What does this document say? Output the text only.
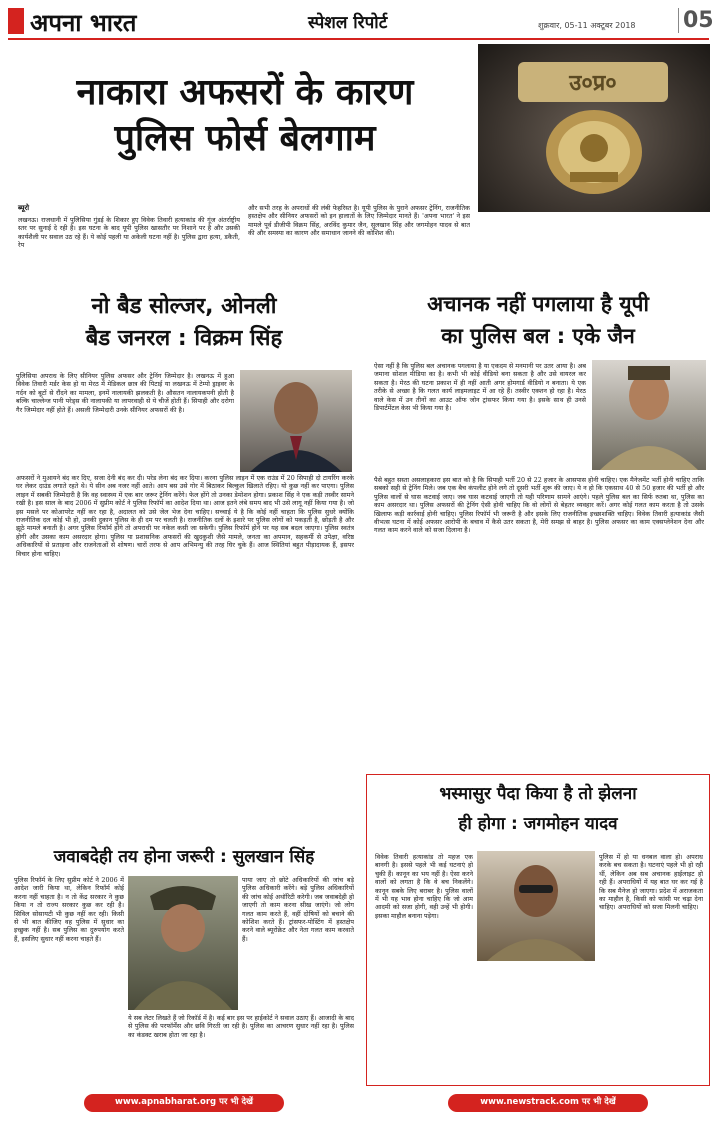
अपना भारत	स्पेशल रिपोर्ट	शुक्रवार, 05-11 अक्टूबर 2018 05
नाकारा अफसरों के कारण
पुलिस फोर्स बेलगाम
उ०प्र०
ब्यूरो
लखनऊ। राजधानी में पुलिसिया गुंडई के शिकार हुए विवेक तिवारी हत्याकांड की गूंज अंतर्राष्ट्रीय स्तर पर सुनाई दे रही है। इस घटना के बाद यूपी पुलिस खासतौर पर निशाने पर है और उसकी कार्यशैली पर सवाल उठ रहे हैं। ये कोई पहली या अकेली घटना नहीं है। पुलिस द्वारा हत्या, डकैती, रेप
और सभी तरह के अपराधों की लंबी फेहरिस्त है। यूपी पुलिस के पुराने अफसर ट्रेनिंग, राजनीतिक हस्तक्षेप और सीनियर अफसरों को इन हालातों के लिए जिम्मेदार मानते हैं। 'अपना भारत' ने इस मामले पूर्व डीजीपी विक्रम सिंह, अरविंद कुमार जैन, सुलखान सिंह और जगमोहन यादव से बात की और समस्या का कारण और समाधान जानने की कोशिश की।
नो बैड सोल्जर, ओनली
बैड जनरल : विक्रम सिंह
पुलिसिया अपराध के लिए सीनियर पुलिस अफसर और ट्रेनिंग जिम्मेदार है। लखनऊ में हुआ विवेक तिवारी मर्डर केस हो या मेरठ में मेडिकल छात्र की पिटाई या लखनऊ में टेम्पो ड्राइवर के गर्दन को बूटों से रौंदने का मामला, इनमें नालायकी झलकती है। औसतन नालायकपनी होती है बल्कि चाल्लेन्ज पानी परेड्स की नालायकी या लापरवाही से ये चीजें होती हैं। सिपाही और दरोगा गैर जिम्मेदार नहीं होते हैं। असली जिम्मेदारी उनके सीनियर अफसरों की है।
अफसरों ने मुआयने बंद कर दिए, सजा देनी बंद कर दी। परेड लेना बंद कर दिया। करना पुलिस लाइन में एक राउंड में 20 सिपाही दो टायरिंग करके घर लेकर दाउंड लगाते रहते थे। ये सीन अब नजर नहीं आते। आप बस उसे गोर में बिठाकर बिल्कुल खिलाते रहिए। यो कुछ नहीं कर पाएगा। पुलिस लाइन में सबकी जिम्मेदारी है कि वह स्वास्थ्य में एक बार जरूर ट्रेनिंग करेंगे। फेल होंगे तो उनका डेमोशन होगा। प्रकाश सिंह ने एक कड़ी तस्वीर सामने रखी है। इस साल के बाद 2006 में सुप्रीम कोर्ट ने पुलिस रिफॉर्म का आदेश दिया था। आज इतने लंबे समय बाद भी उसे लागू नहीं किया गया है। जो इस मसले पर कोआपरेट नहीं कर रहा है, अदालत को उसे जेल भेज देना चाहिए। सच्चाई ये है कि कोई नहीं चाहता कि पुलिस सुधरे क्योंकि राजनीतिक दल कोई भी हो, उनकी दुकान पुलिस के ही दम पर चलती है। राजनीतिक दलों के इशारे पर पुलिस लोगों को पकड़ती है, छोड़ती है और झूठे मामले बनाती है। अगर पुलिस रिफॉर्म होंगे तो अपराधी पर नकेल कसी जा सकेगी। पुलिस रिफॉर्म होने पर यह सब बदल जाएगा। पुलिस स्वतंत्र होगी और उसका काम असरदार होगा। पुलिस या प्रशासनिक अफसरों की खुदकुशी जैसे मामले, जनता का अपमान, सहकर्मी से उपेक्षा, वरिष्ठ अधिकारियों से प्रताड़ना और राजनेताओं से शोषण। चारों तरफ से आप अभिमन्यु की तरह घिर चुके हैं। आज स्थितियां बहुत पीड़ादायक हैं, इसपर विचार होना चाहिए।
अचानक नहीं पगलाया है यूपी
का पुलिस बल : एके जैन
ऐसा नहीं है कि पुलिस बल अचानक पगलाया है या एकदम से मनमानी पर उतर आया है। अब जमाना सोशल मीडिया का है। कभी भी कोई वीडियो बना सकता है और उसे वायरल कर सकता है। मेरठ की घटना प्रकाश में ही नहीं आती अगर होमगार्ड वीडियो न बनाता। ये एक तरीके से अच्छा है कि गलत कार्य लाइमलाइट में आ रहे हैं। तस्वीर एक्शन हो रहा है। मेरठ वाले केस में उन तीनों का आउट ऑफ जोन ट्रांसफर किया गया है। इसके साथ ही उनसे डिपार्टमेंटल केस भी किया गया है।
पैसे बहुत सस्ता असलाहकारा इस बात को है कि सिपाही भर्ती 20 से 22 हजार के आसपास होनी चाहिए। एक मैनेजमेंट भर्ती होनी चाहिए ताकि सबको सही से ट्रेनिंग मिले। जब एक बैच कंपलीट होने लगे तो दूसरी भर्ती शुरू की जाए। ये न हो कि एकसाथ 40 से 50 हजार की भर्ती हो और पुलिस वालों से घास कटवाई जाए। जब घास कटवाई जाएगी तो यही परिणाम सामने आएंगे। पहले पुलिस बल का सिर्फ रुतबा था, पुलिस का काम असरदार था। पुलिस अफसरों की ट्रेनिंग ऐसी होनी चाहिए कि वो लोगों से बेहतर व्यवहार करें। अगर कोई गलत काम करता है तो उसके खिलाफ कड़ी कार्रवाई होनी चाहिए। पुलिस रिफॉर्म भी जरूरी है और इसके लिए राजनीतिक इच्छाशक्ति चाहिए। विवेक तिवारी हत्याकांड जैसी वीभत्स घटना में कोई अफसर आरोपी के बचाव में कैसे उतर सकता है, मेरी समझ से बाहर है। पुलिस अफसर का काम एक्सप्लेनेशन देना और गलत काम करने वाले को सजा दिलाना है।
जवाबदेही तय होना जरूरी : सुलखान सिंह
पुलिस रिफॉर्म के लिए सुप्रीम कोर्ट ने 2006 में आदेश जारी किया था, लेकिन रिफॉर्म कोई करना नहीं चाहता है। न तो केंद्र सरकार ने कुछ किया न तो राज्य सरकार कुछ कर रही है। सिविल सोसायटी भी कुछ नहीं कर रही। किसी से भी बात कीजिए वह पुलिस में सुधार का इच्छुक नहीं है। सब पुलिस का दुरुपयोग करते हैं, इसलिए सुधार नहीं करना चाहते हैं।
पाया जाए तो छोटे अधिकारियों की जांच बड़े पुलिस अधिकारी करेंगे। बड़े पुलिस अधिकारियों की जांच कोई अथॉरिटी करेगी। जब जवाबदेही हो जाएगी तो काम करना सीख जाएंगे। जो लोग गलत काम करते हैं, वहीं दोषियों को बचाने की कोशिश करते हैं। ट्रांसफर-पोस्टिंग में हस्तक्षेप करने वाले ब्यूरोक्रेट और नेता गलत काम करवाते हैं।
ये सब लेटर लिखते हैं जो रिकॉर्ड में है। कई बार इस पर हाईकोर्ट ने सवाल उठाए हैं। आजादी के बाद से पुलिस की परफॉर्मेंस और छवि गिरती जा रही है। पुलिस का आचरण सुधार नहीं रहा है। पुलिस का कंडक्ट खराब होता जा रहा है।
भस्मासुर पैदा किया है तो झेलना
ही होगा : जगमोहन यादव
विवेक तिवारी हत्याकांड तो महज एक बानगी है। इससे पहले भी कई घटनाएं हो चुकी हैं। कानून का भय नहीं है। ऐसा करने वालों को लगता है कि वे बच निकलेंगे। कानून सबके लिए बराबर है। पुलिस वालों में भी यह भाव होना चाहिए कि जो आम आदमी को सजा होगी, वही उन्हें भी होगी। इसका माहौल बनाना पड़ेगा।
पुलिस में हो या धनबल वाला हो। अपराध करके बच सकता है। घटनाएं पहले भी हो रही थीं, लेकिन अब सब अचानक हाईलाइट हो रही हैं। अपराधियों में यह बात घर कर गई है कि सब मैनेज हो जाएगा। प्रदेश में अराजकता का माहौल है, किसी को फांसी पर चढ़ा देना चाहिए। अपराधियों को सजा मिलनी चाहिए।
www.apnabharat.org पर भी देखें	www.newstrack.com पर भी देखें
